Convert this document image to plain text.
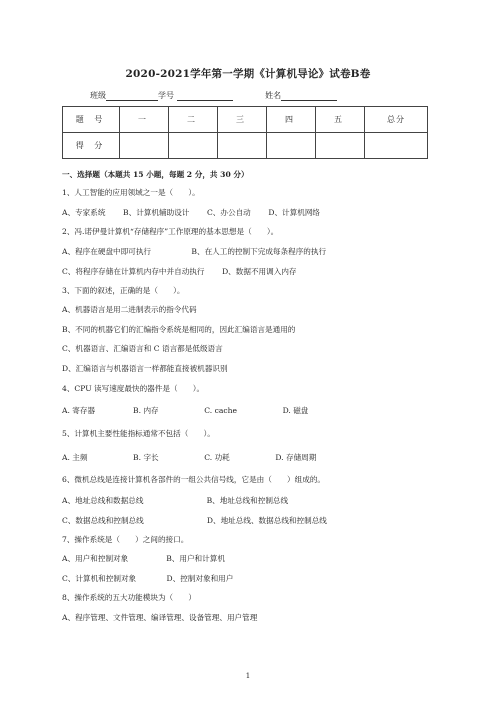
2020-2021学年第一学期《计算机导论》试卷B卷
班级	学号	姓名
题 号	一	二	三	四	五	总分
得 分						
一、选择题（本题共 15 小题，每题 2 分，共 30 分）
1、人工智能的应用领域之一是（　　）。
A、专家系统　　 B、计算机辅助设计　　 C、办公自动　　 D、计算机网络
2、冯.诺伊曼计算机“存储程序”工作原理的基本思想是（　　）。
A、程序在硬盘中即可执行　　　　　 B、在人工的控制下完成每条程序的执行
C、将程序存储在计算机内存中并自动执行　　 D、数据不用调入内存
3、下面的叙述，正确的是（　　）。
A、机器语言是用二进制表示的指令代码
B、不同的机器它们的汇编指令系统是相同的，因此汇编语言是通用的
C、机器语言、汇编语言和 C 语言都是低级语言
D、汇编语言与机器语言一样都能直接被机器识别
4、CPU 读写速度最快的器件是（　　）。
A. 寄存器　　　　　B. 内存　　　　　　C. cache　　　　　　D. 磁盘
5、计算机主要性能指标通常不包括（　　）。
A. 主频　　　　　　B. 字长　　　　　　C. 功耗　　　　　　D. 存储周期
6、微机总线是连接计算机各部件的一组公共信号线，它是由（　　）组成的。
A、地址总线和数据总线　　　　　　　　 B、地址总线和控制总线
C、数据总线和控制总线　　　　　　　　 D、地址总线、数据总线和控制总线
7、操作系统是（　　）之间的接口。
A、用户和控制对象　　　　　B、用户和计算机
C、计算机和控制对象　　　　D、控制对象和用户
8、操作系统的五大功能模块为（　　）
A、程序管理、文件管理、编译管理、设备管理、用户管理
1
